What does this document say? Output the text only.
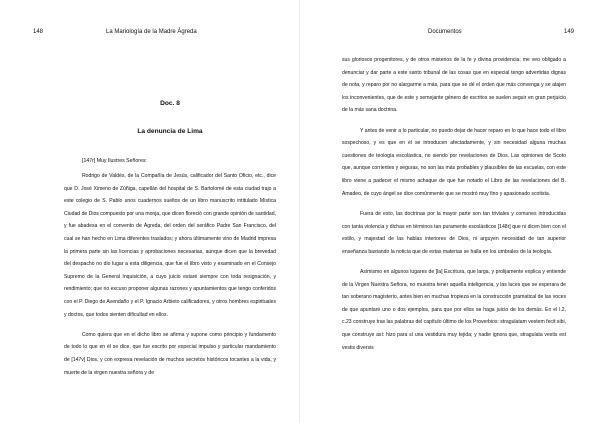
148	La Mariología de la Madre Ágreda
Doc. 8
La denuncia de Lima
[147r] Muy Ilustres Señores:

Rodrigo de Valdés, de la Compañía de Jesús, calificador del Santo Oficio, etc., dice que D. José Ximeno de Zúñiga, capellán del hospital de S. Bartolomé de esta ciudad trajo a este colegio de S. Pablo unos cuadernos sueltos de un libro manuscrito intitulado Mística Ciudad de Dios compuesto por una monja, que dicen floreció con grande opinión de santidad, y fue abadesa en el convento de Ágreda, del orden del seráfico Padre San Francisco, del cual se han hecho en Lima diferentes traslados; y ahora últimamente vino de Madrid impresa la primera parte sin las licencias y aprobaciones necesarias, aunque dicen que la brevedad del despacho no dio lugar a esta diligencia, que fue el libro visto y examinado en el Consejo Supremo de la General Inquisición, a cuyo juicio estaré siempre con toda resignación, y rendimiento; que no excuso proponer algunas razones y apuntamientos que tengo conferidos con el P. Diego de Avendaño y el P. Ignacio Arbieto calificadores, y otros hombres espirituales y doctos, que todos sienten dificultad en ellos.

Como quiera que en el dicho libro se afirma y supone como principio y fundamento de todo lo que en él se dice, que fue escrito por especial impulso y particular mandamiento de [147v] Dios, y con expresa revelación de muchos secretos históricos tocantes a la vida, y muerte de la virgen nuestra señora y de

Documentos	149

sus gloriosos progenitores, y de otros misterios de la fe y divina providencia; me veo obligado a denunciar y dar parte a este santo tribunal de las cosas que en especial tengo advertidas dignas de nota, y reparo por no alargarme a más, para que se dé el orden que más convenga y se atajen los inconvenientes, que de este y semejante género de escritos se suelen seguir en gran perjuicio de la más sana doctrina.

Y antes de venir a lo particular, no puedo dejar de hacer reparo en lo que hace todo el libro sospechoso, y es que en él se introducen afectadamente, y sin necesidad alguna muchas cuestiones de teología escolástica, no siendo por revelaciones de Dios. Las opiniones de Scoto que, aunque corrientes y seguras, no son las más probables y plausibles de las escuelas, con este libro viene a padecer el mismo achaque de que fue notado el Libro de las revelaciones del B. Amadeo, de cuyo ángel se dice comúnmente que se mostró muy fino y apasionado scotista.

Fuera de esto, las doctrinas por la mayor parte son tan triviales y comunes introducidas con tanta violencia y dichas en términos tan puramente escolásticos [148r] que ni dicen bien con el estilo, y majestad de las hablas interiores de Dios, ni arguyen necesidad de tan superior enseñanza bastando la noticia que de estas materias se halla en los umbrales de la teología.

Asimismo en algunos lugares de [la] Escritura, que larga, y prolijamente explica y entiende de la Virgen Nuestra Señora, no muestra tener aquella inteligencia, y las luces que se esperara de tan soberano magisterio, antes bien en muchas tropieza en la construcción gramatical de las voces de que apuntaré uno o dos ejemplos, para que por ellos se haga juicio de los demás. En el l.2, c.23 construye tras las palabras del capítulo último de los Proverbios: stragulatam vestem fecit sibi, que construye así: hizo para sí una vestidura muy tejida; y nadie ignora que, stragulata vestis est vestis diversis
